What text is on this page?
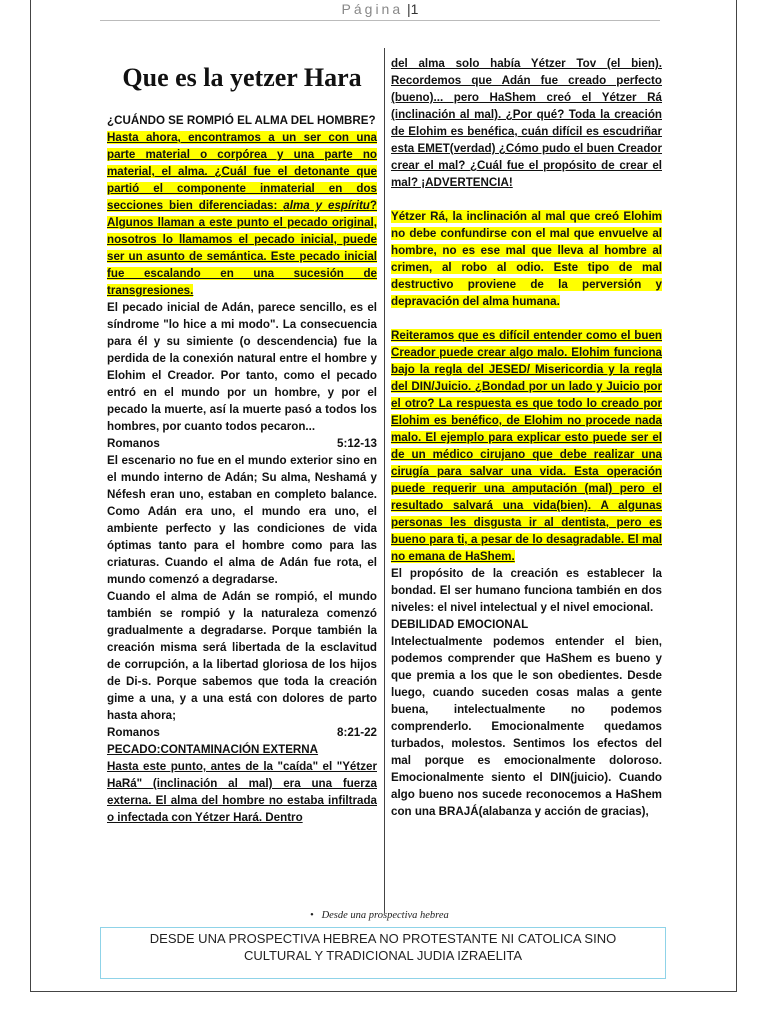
Página |1
Que es la yetzer Hara

¿CUÁNDO SE ROMPIÓ EL ALMA DEL HOMBRE?

Hasta ahora, encontramos a un ser con una parte material o corpórea y una parte no material, el alma. ¿Cuál fue el detonante que partió el componente inmaterial en dos secciones bien diferenciadas: alma y espíritu? Algunos llaman a este punto el pecado original, nosotros lo llamamos el pecado inicial, puede ser un asunto de semántica. Este pecado inicial fue escalando en una sucesión de transgresiones.

El pecado inicial de Adán, parece sencillo, es el síndrome "lo hice a mi modo". La consecuencia para él y su simiente (o descendencia) fue la perdida de la conexión natural entre el hombre y Elohim el Creador. Por tanto, como el pecado entró en el mundo por un hombre, y por el pecado la muerte, así la muerte pasó a todos los hombres, por cuanto todos pecaron...

Romanos	5:12-13

El escenario no fue en el mundo exterior sino en el mundo interno de Adán; Su alma, Neshamá y Néfesh eran uno, estaban en completo balance. Como Adán era uno, el mundo era uno, el ambiente perfecto y las condiciones de vida óptimas tanto para el hombre como para las criaturas. Cuando el alma de Adán fue rota, el mundo comenzó a degradarse.

Cuando el alma de Adán se rompió, el mundo también se rompió y la naturaleza comenzó gradualmente a degradarse. Porque también la creación misma será libertada de la esclavitud de corrupción, a la libertad gloriosa de los hijos de Di-s. Porque sabemos que toda la creación gime a una, y a una está con dolores de parto hasta ahora;

Romanos	8:21-22

PECADO:CONTAMINACIÓN EXTERNA

Hasta este punto, antes de la "caída" el "Yétzer HaRá" (inclinación al mal) era una fuerza externa. El alma del hombre no estaba infiltrada o infectada con Yétzer Hará. Dentro

del alma solo había Yétzer Tov (el bien). Recordemos que Adán fue creado perfecto (bueno)... pero HaShem creó el Yétzer Rá (inclinación al mal). ¿Por qué? Toda la creación de Elohim es benéfica, cuán difícil es escudriñar esta EMET(verdad) ¿Cómo pudo el buen Creador crear el mal? ¿Cuál fue el propósito de crear el mal? ¡ADVERTENCIA!

Yétzer Rá, la inclinación al mal que creó Elohim no debe confundirse con el mal que envuelve al hombre, no es ese mal que lleva al hombre al crimen, al robo al odio. Este tipo de mal destructivo proviene de la perversión y depravación del alma humana.

Reiteramos que es difícil entender como el buen Creador puede crear algo malo. Elohim funciona bajo la regla del JESED/ Misericordia y la regla del DIN/Juicio. ¿Bondad por un lado y Juicio por el otro? La respuesta es que todo lo creado por Elohim es benéfico, de Elohim no procede nada malo. El ejemplo para explicar esto puede ser el de un médico cirujano que debe realizar una cirugía para salvar una vida. Esta operación puede requerir una amputación (mal) pero el resultado salvará una vida(bien). A algunas personas les disgusta ir al dentista, pero es bueno para ti, a pesar de lo desagradable. El mal no emana de HaShem.

El propósito de la creación es establecer la bondad. El ser humano funciona también en dos niveles: el nivel intelectual y el nivel emocional.

DEBILIDAD EMOCIONAL

Intelectualmente podemos entender el bien, podemos comprender que HaShem es bueno y que premia a los que le son obedientes. Desde luego, cuando suceden cosas malas a gente buena, intelectualmente no podemos comprenderlo. Emocionalmente quedamos turbados, molestos. Sentimos los efectos del mal porque es emocionalmente doloroso. Emocionalmente siento el DIN(juicio). Cuando algo bueno nos sucede reconocemos a HaShem con una BRAJÁ(alabanza y acción de gracias),

• Desde una prospectiva hebrea
DESDE UNA PROSPECTIVA HEBREA NO PROTESTANTE NI CATOLICA SINO
CULTURAL Y TRADICIONAL JUDIA IZRAELITA
